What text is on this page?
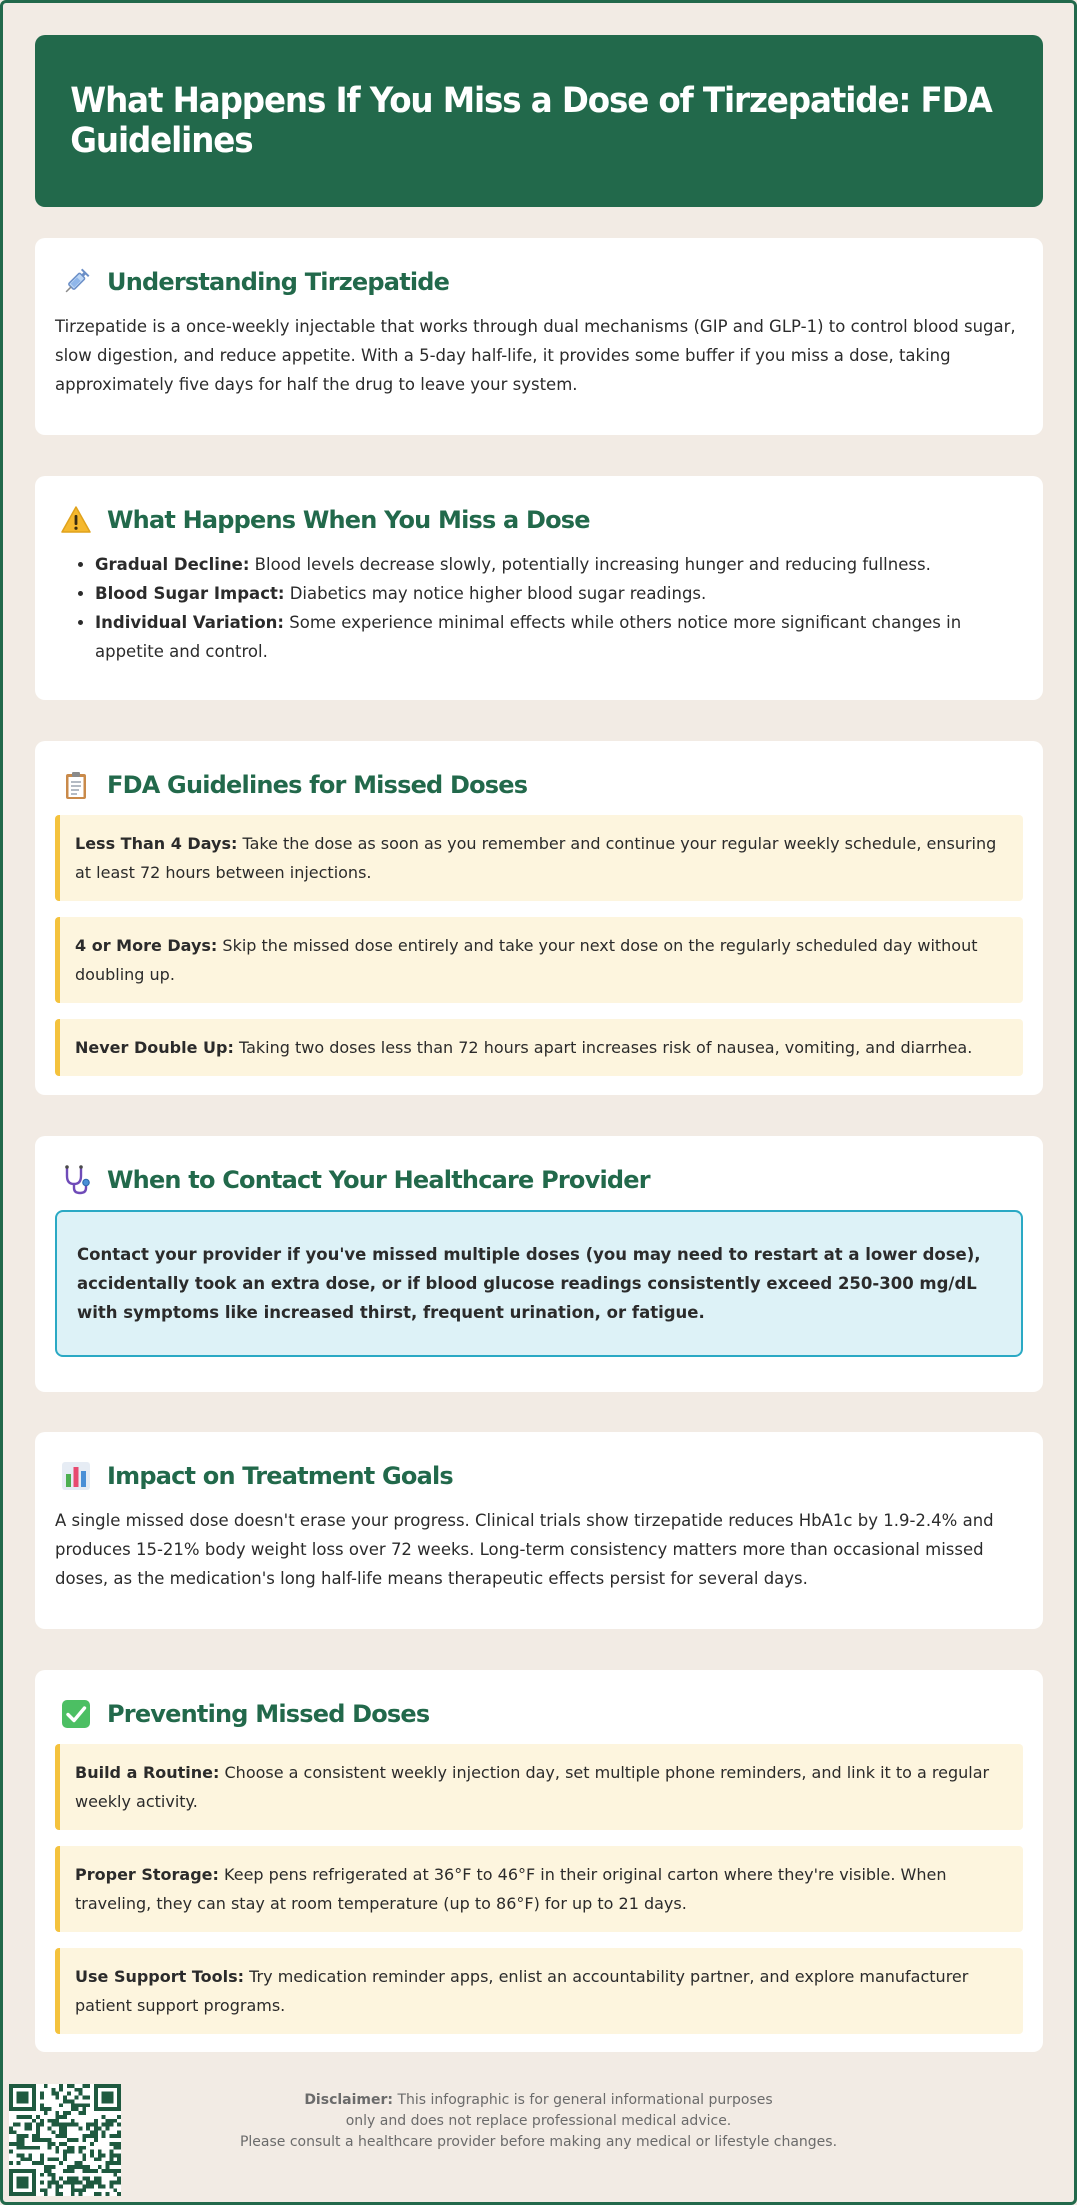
What Happens If You Miss a Dose of Tirzepatide: FDA Guidelines
Understanding Tirzepatide

Tirzepatide is a once-weekly injectable that works through dual mechanisms (GIP and GLP-1) to control blood sugar, slow digestion, and reduce appetite. With a 5-day half-life, it provides some buffer if you miss a dose, taking approximately five days for half the drug to leave your system.

What Happens When You Miss a Dose
• Gradual Decline: Blood levels decrease slowly, potentially increasing hunger and reducing fullness.
• Blood Sugar Impact: Diabetics may notice higher blood sugar readings.
• Individual Variation: Some experience minimal effects while others notice more significant changes in appetite and control.
FDA Guidelines for Missed Doses
Less Than 4 Days: Take the dose as soon as you remember and continue your regular weekly schedule, ensuring at least 72 hours between injections.
4 or More Days: Skip the missed dose entirely and take your next dose on the regularly scheduled day without doubling up.
Never Double Up: Taking two doses less than 72 hours apart increases risk of nausea, vomiting, and diarrhea.
When to Contact Your Healthcare Provider
Contact your provider if you've missed multiple doses (you may need to restart at a lower dose), accidentally took an extra dose, or if blood glucose readings consistently exceed 250-300 mg/dL with symptoms like increased thirst, frequent urination, or fatigue.
Impact on Treatment Goals

A single missed dose doesn't erase your progress. Clinical trials show tirzepatide reduces HbA1c by 1.9-2.4% and produces 15-21% body weight loss over 72 weeks. Long-term consistency matters more than occasional missed doses, as the medication's long half-life means therapeutic effects persist for several days.

Preventing Missed Doses
Build a Routine: Choose a consistent weekly injection day, set multiple phone reminders, and link it to a regular weekly activity.
Proper Storage: Keep pens refrigerated at 36°F to 46°F in their original carton where they're visible. When traveling, they can stay at room temperature (up to 86°F) for up to 21 days.
Use Support Tools: Try medication reminder apps, enlist an accountability partner, and explore manufacturer patient support programs.
Disclaimer: This infographic is for general informational purposes
only and does not replace professional medical advice.
Please consult a healthcare provider before making any medical or lifestyle changes.
